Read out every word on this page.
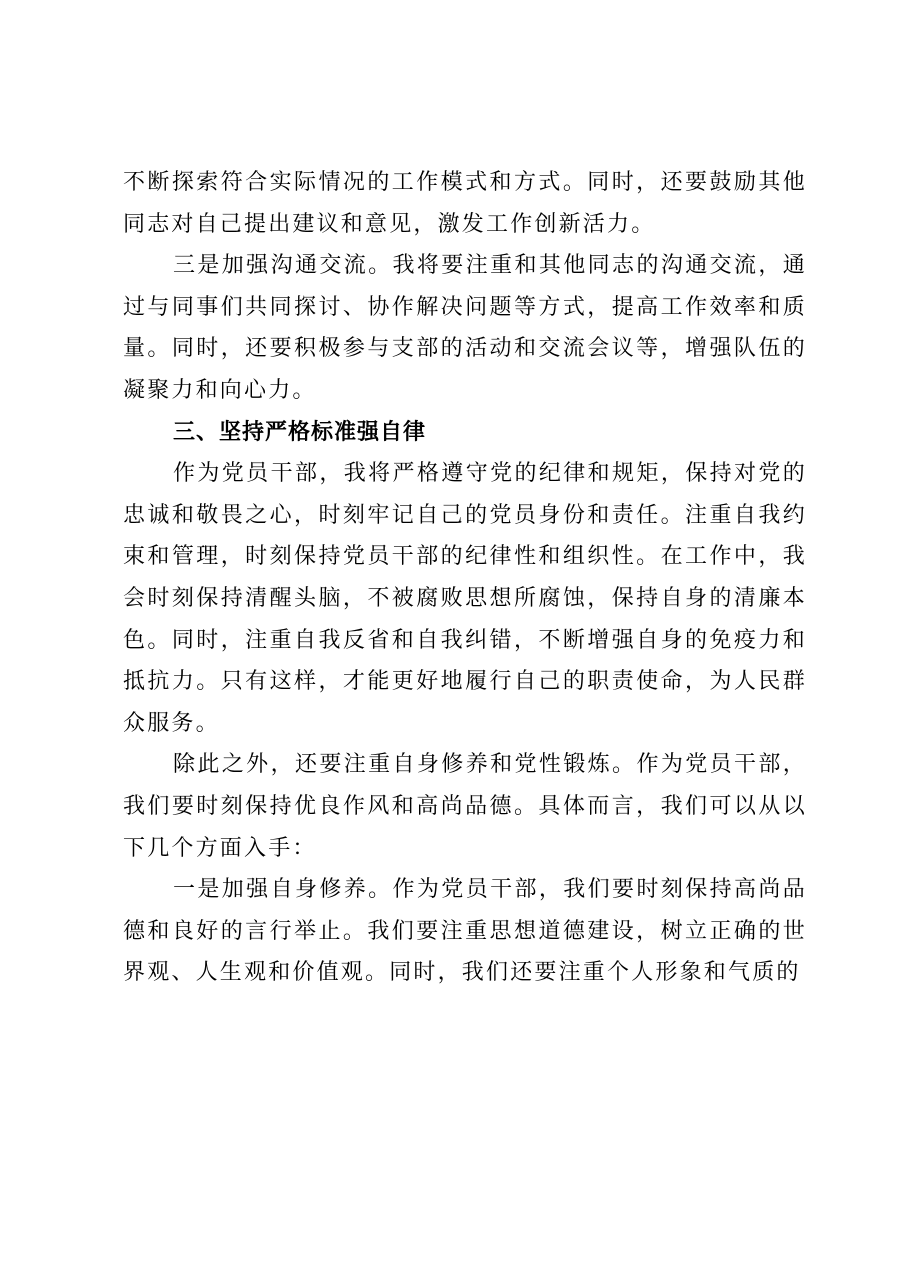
不断探索符合实际情况的工作模式和方式。同时，还要鼓励其他同志对自己提出建议和意见，激发工作创新活力。

三是加强沟通交流。我将要注重和其他同志的沟通交流，通过与同事们共同探讨、协作解决问题等方式，提高工作效率和质量。同时，还要积极参与支部的活动和交流会议等，增强队伍的凝聚力和向心力。

三、坚持严格标准强自律

作为党员干部，我将严格遵守党的纪律和规矩，保持对党的忠诚和敬畏之心，时刻牢记自己的党员身份和责任。注重自我约束和管理，时刻保持党员干部的纪律性和组织性。在工作中，我会时刻保持清醒头脑，不被腐败思想所腐蚀，保持自身的清廉本色。同时，注重自我反省和自我纠错，不断增强自身的免疫力和抵抗力。只有这样，才能更好地履行自己的职责使命，为人民群众服务。

除此之外，还要注重自身修养和党性锻炼。作为党员干部，我们要时刻保持优良作风和高尚品德。具体而言，我们可以从以下几个方面入手：

一是加强自身修养。作为党员干部，我们要时刻保持高尚品德和良好的言行举止。我们要注重思想道德建设，树立正确的世界观、人生观和价值观。同时，我们还要注重个人形象和气质的
